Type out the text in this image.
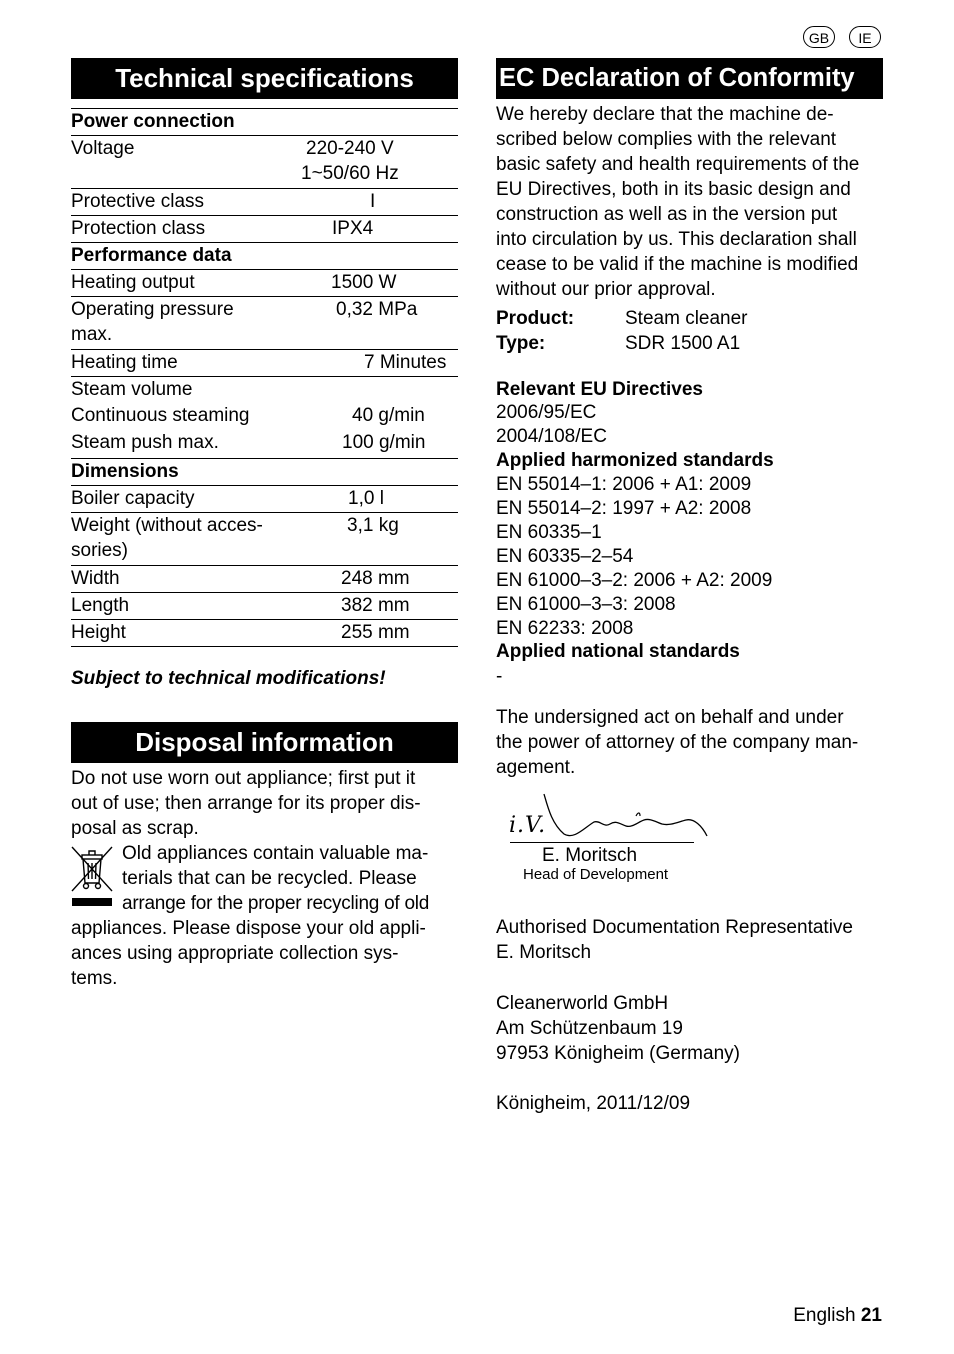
GB	IE
Technical specifications
Power connection
Voltage	220-240 V
1~50/60 Hz
Protective class	I
Protection class	IPX4
Performance data
Heating output	1500 W
Operating pressure
max.
0,32 MPa
Heating time	7 Minutes
Steam volume
Continuous steaming	40 g/min
Steam push max.	100 g/min
Dimensions
Boiler capacity	1,0 l
Weight (without acces-
sories)
3,1 kg
Width	248 mm
Length	382 mm
Height	255 mm
Subject to technical modifications!
Disposal information
Do not use worn out appliance; first put it
out of use; then arrange for its proper dis-
posal as scrap.
Old appliances contain valuable ma-
terials that can be recycled. Please
arrange for the proper recycling of old
appliances. Please dispose your old appli-
ances using appropriate collection sys-
tems.
EC Declaration of Conformity
We hereby declare that the machine de-
scribed below complies with the relevant
basic safety and health requirements of the
EU Directives, both in its basic design and
construction as well as in the version put
into circulation by us. This declaration shall
cease to be valid if the machine is modified
without our prior approval.
Product:	Steam cleaner
Type:	SDR 1500 A1
Relevant EU Directives
2006/95/EC
2004/108/EC
Applied harmonized standards
EN 55014–1: 2006 + A1: 2009
EN 55014–2: 1997 + A2: 2008
EN 60335–1
EN 60335–2–54
EN 61000–3–2: 2006 + A2: 2009
EN 61000–3–3: 2008
EN 62233: 2008
Applied national standards
-
The undersigned act on behalf and under
the power of attorney of the company man-
agement.
i.V.
E. Moritsch
Head of Development
Authorised Documentation Representative
E. Moritsch
Cleanerworld GmbH
Am Schützenbaum 19
97953 Königheim (Germany)
Königheim, 2011/12/09
English 21
